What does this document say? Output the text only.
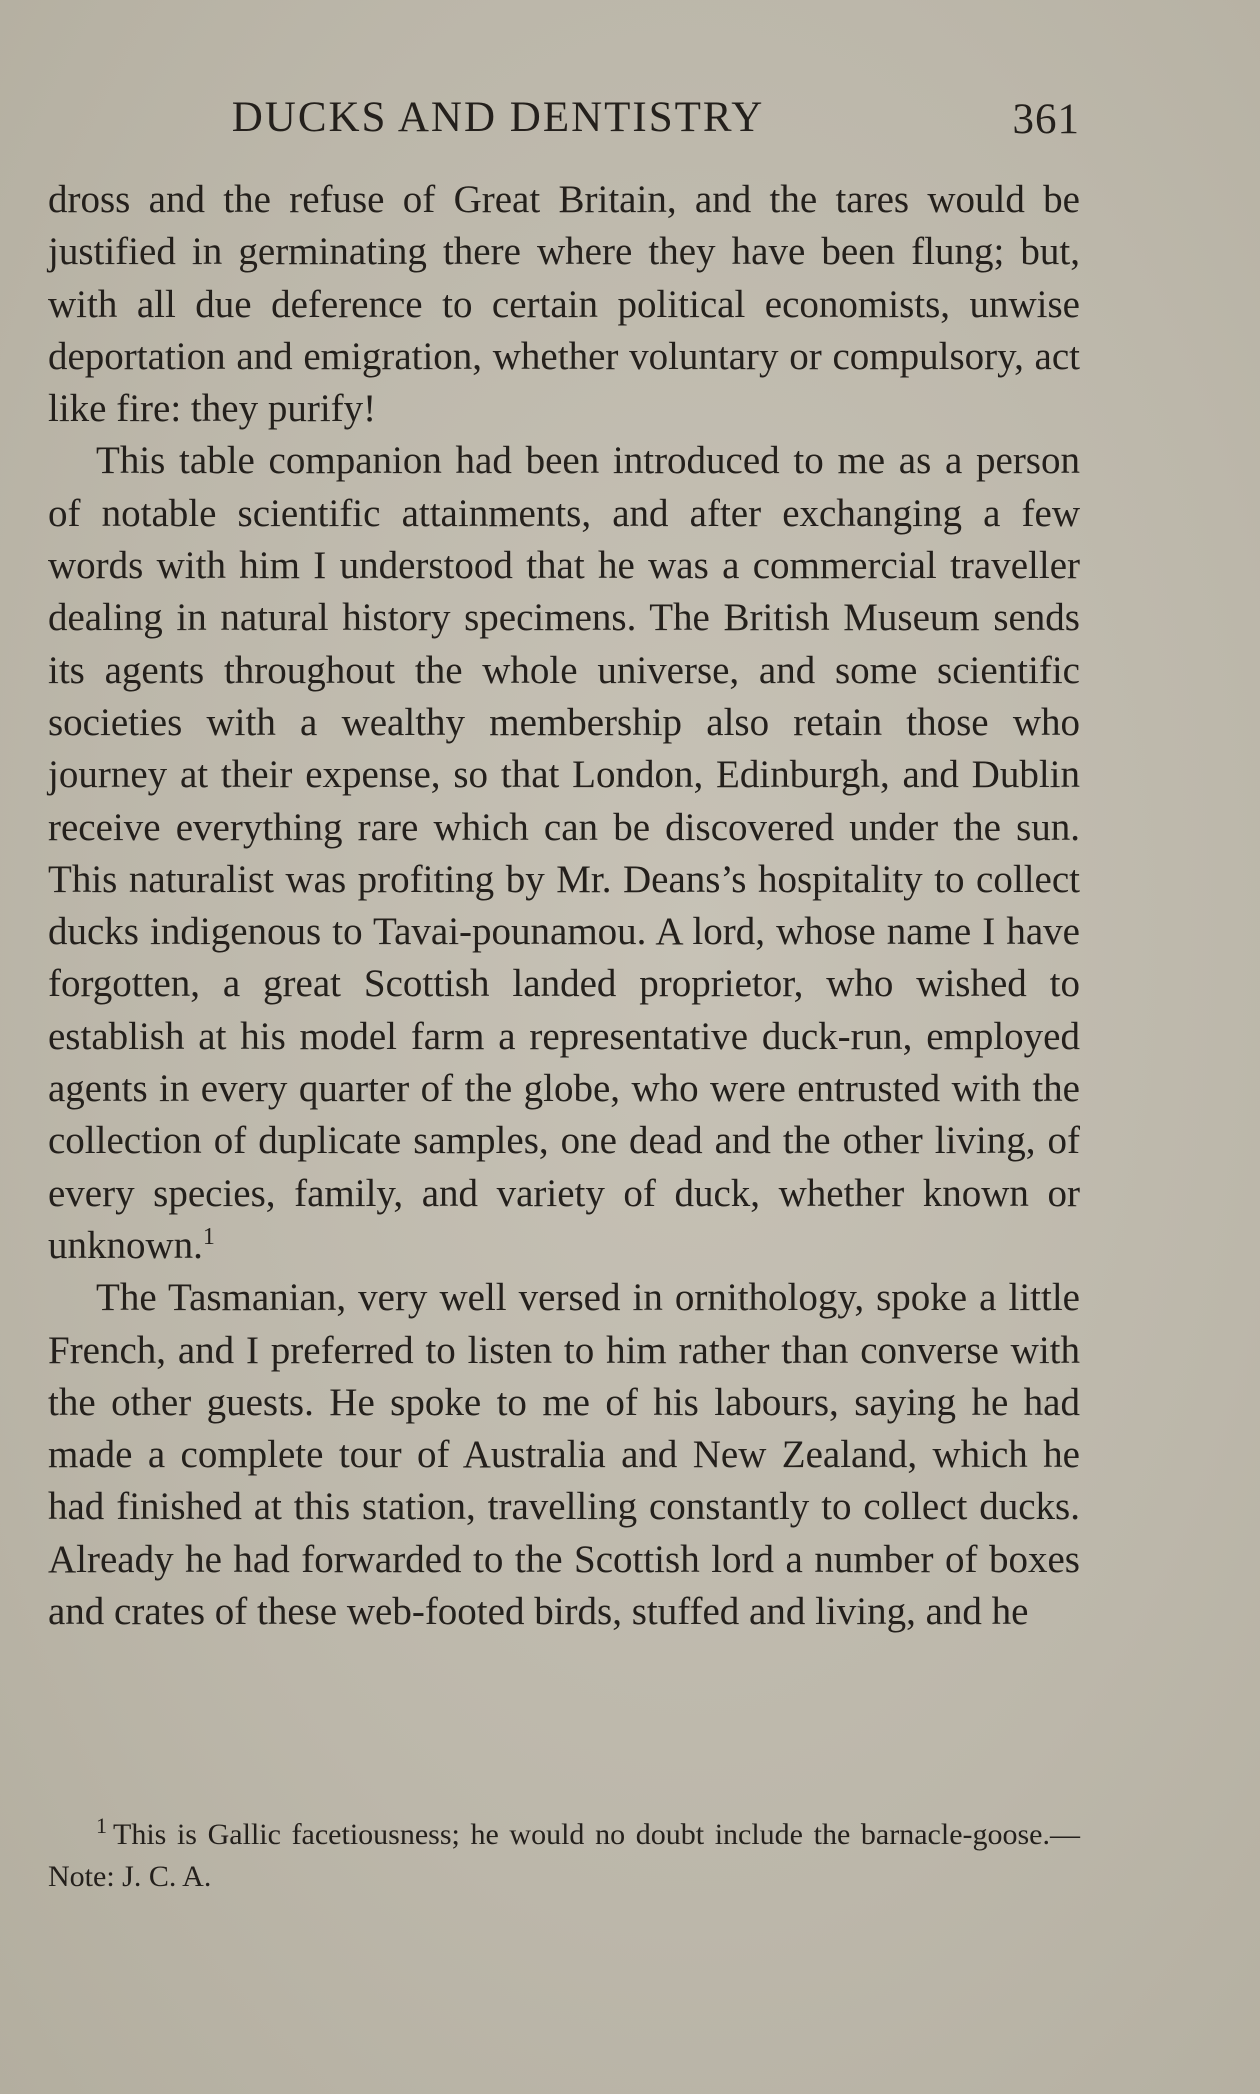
DUCKS AND DENTISTRY	361

dross and the refuse of Great Britain, and the tares would be justified in germinating there where they have been flung; but, with all due deference to certain political economists, unwise deportation and emigration, whether voluntary or compulsory, act like fire: they purify!

This table companion had been introduced to me as a person of notable scientific attainments, and after exchanging a few words with him I understood that he was a commercial traveller dealing in natural history specimens. The British Museum sends its agents throughout the whole universe, and some scientific societies with a wealthy membership also retain those who journey at their expense, so that London, Edinburgh, and Dublin receive everything rare which can be discovered under the sun. This naturalist was profiting by Mr. Deans’s hospitality to collect ducks indigenous to Tavai-pounamou. A lord, whose name I have forgotten, a great Scottish landed proprietor, who wished to establish at his model farm a representative duck-run, employed agents in every quarter of the globe, who were entrusted with the collection of duplicate samples, one dead and the other living, of every species, family, and variety of duck, whether known or unknown.$^1$

The Tasmanian, very well versed in ornithology, spoke a little French, and I preferred to listen to him rather than converse with the other guests. He spoke to me of his labours, saying he had made a complete tour of Australia and New Zealand, which he had finished at this station, travelling constantly to collect ducks. Already he had forwarded to the Scottish lord a number of boxes and crates of these web-footed birds, stuffed and living, and he

$^1$ This is Gallic facetiousness; he would no doubt include the barnacle-goose.—Note: J. C. A.
